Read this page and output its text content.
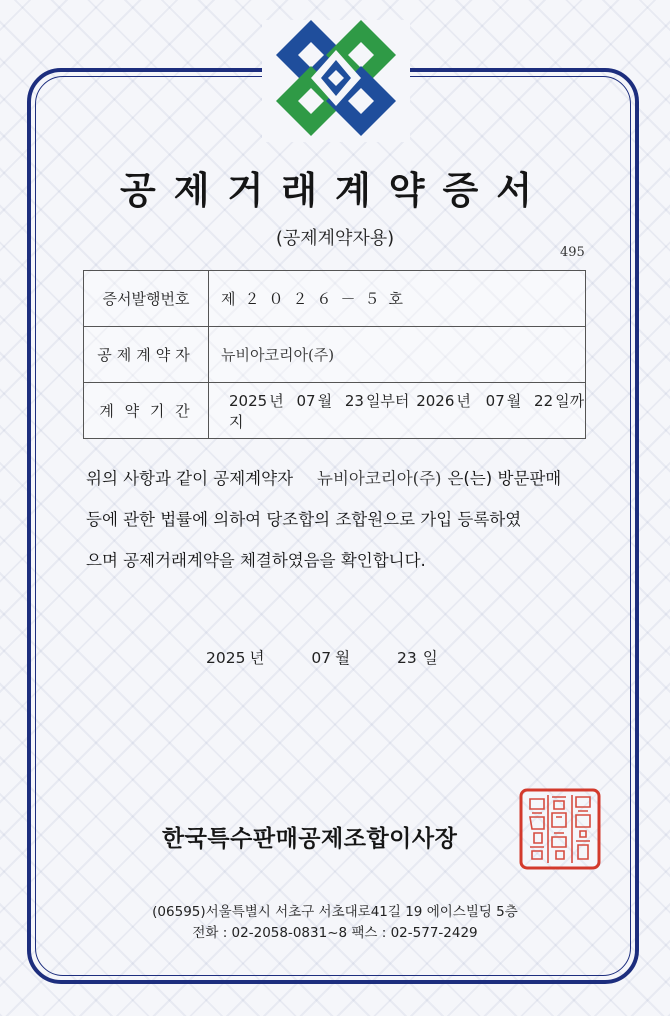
공제거래계약증서
(공제계약자용)
495
증서발행번호	제２０２６－５호
공제계약자	뉴비아코리아(주)
계 약 기 간	2025 년 07 월 23 일부터 2026 년 07 월 22 일까지
위의 사항과 같이 공제계약자 뉴비아코리아(주) 은(는) 방문판매
등에 관한 법률에 의하여 당조합의 조합원으로 가입 등록하였
으며 공제거래계약을 체결하였음을 확인합니다.
2025 년	07 월	23 일
한국특수판매공제조합이사장
(06595)서울특별시 서초구 서초대로41길 19 에이스빌딩 5층
전화 : 02-2058-0831~8 팩스 : 02-577-2429
